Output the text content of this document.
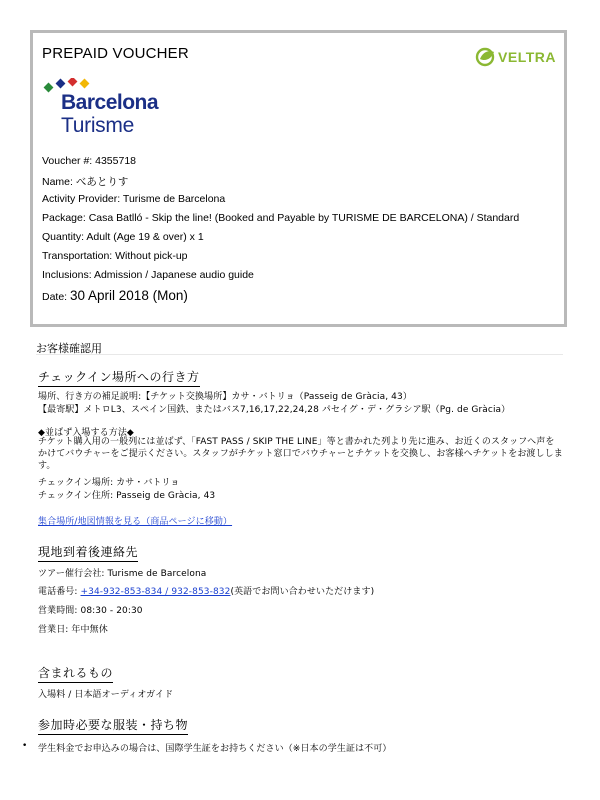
PREPAID VOUCHER	VELTRA
Barcelona
Turisme
Voucher #: 4355718
Name: べあとりす
Activity Provider: Turisme de Barcelona
Package: Casa Batlló - Skip the line! (Booked and Payable by TURISME DE BARCELONA) / Standard
Quantity: Adult (Age 19 & over) x 1
Transportation: Without pick-up
Inclusions: Admission / Japanese audio guide
Date: 30 April 2018 (Mon)
お客様確認用
チェックイン場所への行き方
場所、行き方の補足説明:【チケット交換場所】カサ・バトリョ（Passeig de Gràcia, 43）
【最寄駅】メトロL3、スペイン国鉄、またはバス7,16,17,22,24,28 パセイグ・デ・グラシア駅（Pg. de Gràcia）
◆並ばず入場する方法◆
チケット購入用の一般列には並ばず、「FAST PASS / SKIP THE LINE」等と書かれた列より先に進み、お近くのスタッフへ声をかけてバウチャーをご提示ください。スタッフがチケット窓口でバウチャーとチケットを交換し、お客様へチケットをお渡しします。
チェックイン場所: カサ・バトリョ
チェックイン住所: Passeig de Gràcia, 43
集合場所/地図情報を見る（商品ページに移動）
現地到着後連絡先
ツアー催行会社: Turisme de Barcelona
電話番号: +34-932-853-834 / 932-853-832(英語でお問い合わせいただけます)
営業時間: 08:30 - 20:30
営業日: 年中無休
含まれるもの
入場料 / 日本語オーディオガイド
参加時必要な服装・持ち物
• 学生料金でお申込みの場合は、国際学生証をお持ちください（※日本の学生証は不可）
